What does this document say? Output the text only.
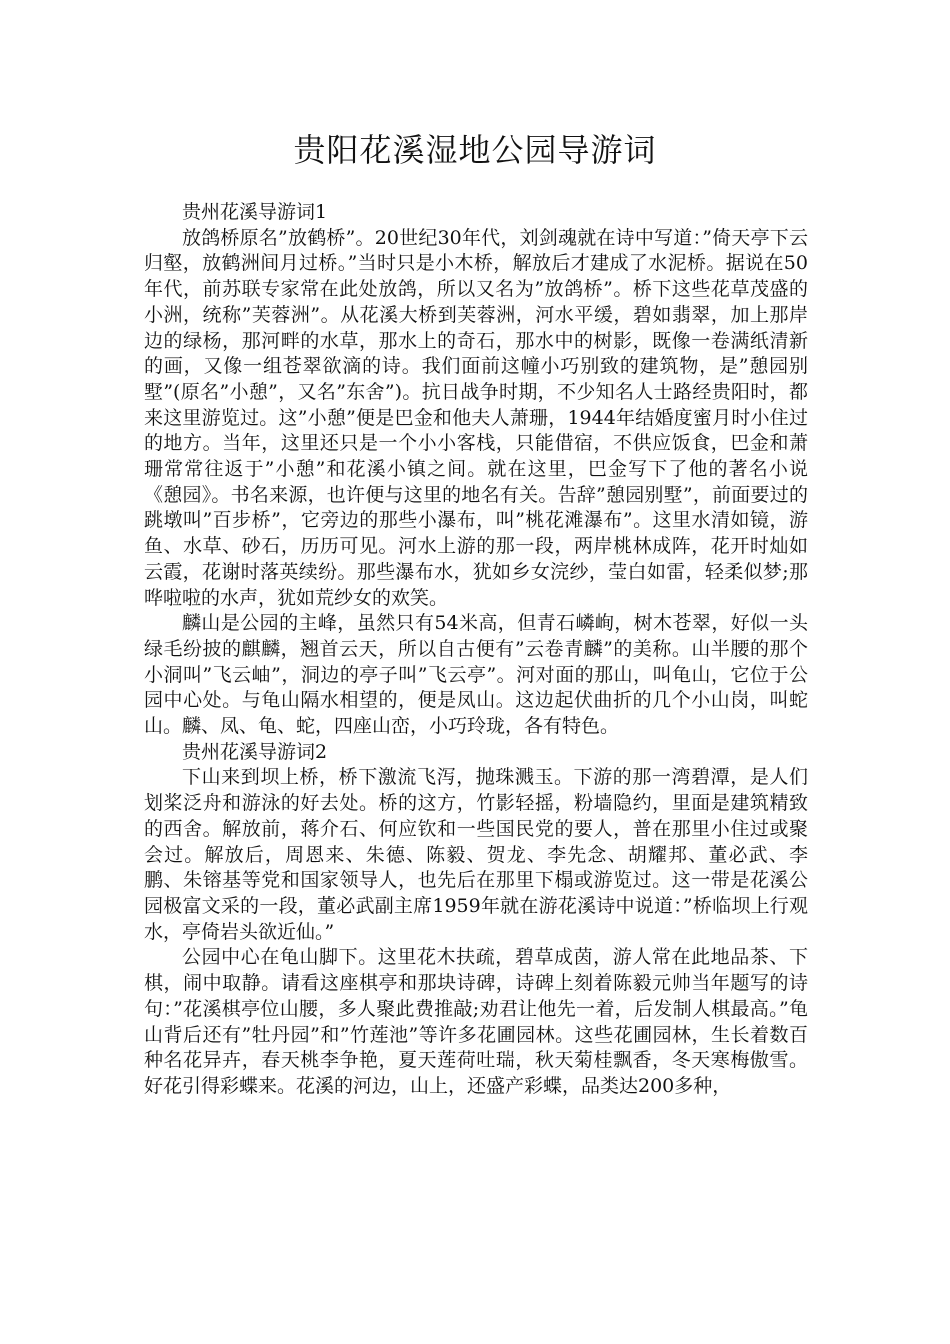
贵阳花溪湿地公园导游词

贵州花溪导游词1

放鸽桥原名”放鹤桥”。20世纪30年代，刘剑魂就在诗中写道：”倚天亭下云归壑，放鹤洲间月过桥。”当时只是小木桥，解放后才建成了水泥桥。据说在50年代，前苏联专家常在此处放鸽，所以又名为”放鸽桥”。桥下这些花草茂盛的小洲，统称”芙蓉洲”。从花溪大桥到芙蓉洲，河水平缓，碧如翡翠，加上那岸边的绿杨，那河畔的水草，那水上的奇石，那水中的树影，既像一卷满纸清新的画，又像一组苍翠欲滴的诗。我们面前这幢小巧别致的建筑物，是”憩园别墅”(原名”小憩”，又名”东舍”)。抗日战争时期，不少知名人士路经贵阳时，都来这里游览过。这”小憩”便是巴金和他夫人萧珊，1944年结婚度蜜月时小住过的地方。当年，这里还只是一个小小客栈，只能借宿，不供应饭食，巴金和萧珊常常往返于”小憩”和花溪小镇之间。就在这里，巴金写下了他的著名小说《憩园》。书名来源，也许便与这里的地名有关。告辞”憩园别墅”，前面要过的跳墩叫”百步桥”，它旁边的那些小瀑布，叫”桃花滩瀑布”。这里水清如镜，游鱼、水草、砂石，历历可见。河水上游的那一段，两岸桃林成阵，花开时灿如云霞，花谢时落英续纷。那些瀑布水，犹如乡女浣纱，莹白如雷，轻柔似梦;那哗啦啦的水声，犹如荒纱女的欢笑。

麟山是公园的主峰，虽然只有54米高，但青石嶙峋，树木苍翠，好似一头绿毛纷披的麒麟，翘首云天，所以自古便有”云卷青麟”的美称。山半腰的那个小洞叫”飞云岫”，洞边的亭子叫”飞云亭”。河对面的那山，叫龟山，它位于公园中心处。与龟山隔水相望的，便是凤山。这边起伏曲折的几个小山岗，叫蛇山。麟、凤、龟、蛇，四座山峦，小巧玲珑，各有特色。

贵州花溪导游词2

下山来到坝上桥，桥下激流飞泻，抛珠溅玉。下游的那一湾碧潭，是人们划桨泛舟和游泳的好去处。桥的这方，竹影轻摇，粉墙隐约，里面是建筑精致的西舍。解放前，蒋介石、何应钦和一些国民党的要人，普在那里小住过或聚会过。解放后，周恩来、朱德、陈毅、贺龙、李先念、胡耀邦、董必武、李鹏、朱镕基等党和国家领导人，也先后在那里下榻或游览过。这一带是花溪公园极富文采的一段，董必武副主席1959年就在游花溪诗中说道：”桥临坝上行观水，亭倚岩头欲近仙。”

公园中心在龟山脚下。这里花木扶疏，碧草成茵，游人常在此地品茶、下棋，闹中取静。请看这座棋亭和那块诗碑，诗碑上刻着陈毅元帅当年题写的诗句：”花溪棋亭位山腰，多人聚此费推敲;劝君让他先一着，后发制人棋最高。”龟山背后还有”牡丹园”和”竹莲池”等许多花圃园林。这些花圃园林，生长着数百种名花异卉，春天桃李争艳，夏天莲荷吐瑞，秋天菊桂飘香，冬天寒梅傲雪。好花引得彩蝶来。花溪的河边，山上，还盛产彩蝶，品类达200多种，
